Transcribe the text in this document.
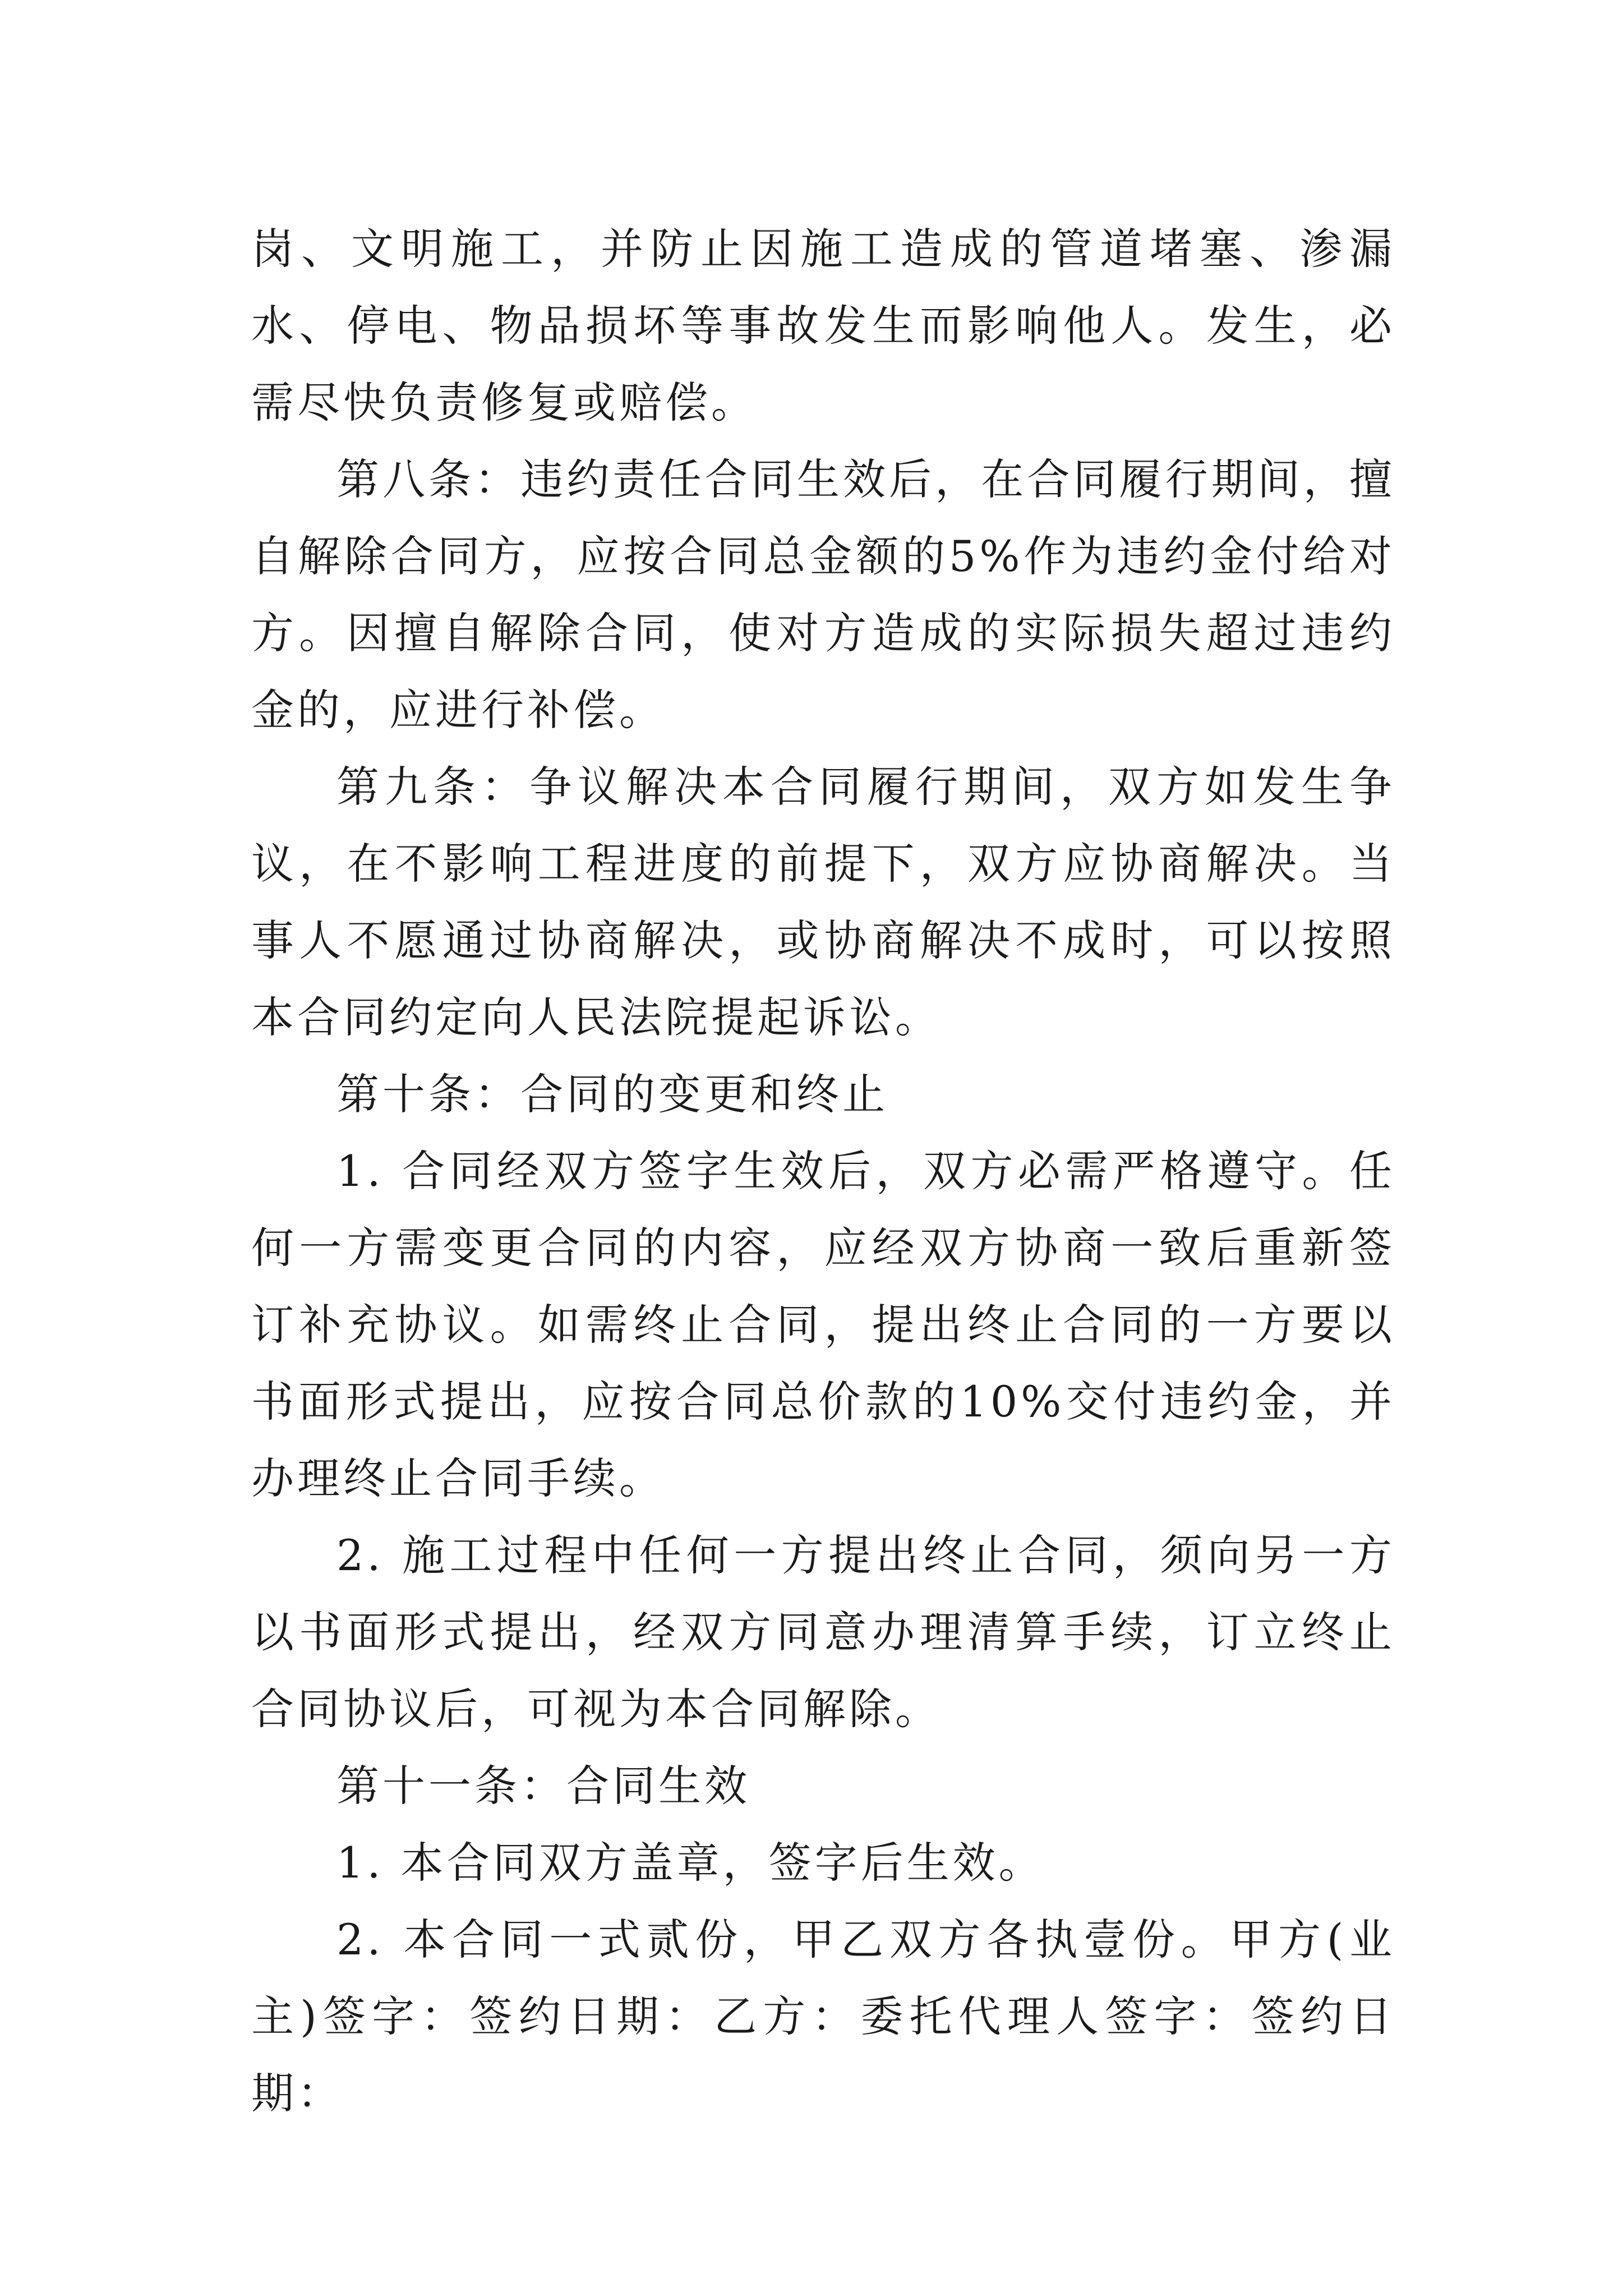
岗、文明施工，并防止因施工造成的管道堵塞、渗漏水、停电、物品损坏等事故发生而影响他人。发生，必需尽快负责修复或赔偿。

第八条：违约责任合同生效后，在合同履行期间，擅自解除合同方，应按合同总金额的5%作为违约金付给对方。因擅自解除合同，使对方造成的实际损失超过违约金的，应进行补偿。

第九条：争议解决本合同履行期间，双方如发生争议，在不影响工程进度的前提下，双方应协商解决。当事人不愿通过协商解决，或协商解决不成时，可以按照本合同约定向人民法院提起诉讼。

第十条：合同的变更和终止

1. 合同经双方签字生效后，双方必需严格遵守。任何一方需变更合同的内容，应经双方协商一致后重新签订补充协议。如需终止合同，提出终止合同的一方要以书面形式提出，应按合同总价款的10%交付违约金，并办理终止合同手续。

2. 施工过程中任何一方提出终止合同，须向另一方以书面形式提出，经双方同意办理清算手续，订立终止合同协议后，可视为本合同解除。

第十一条：合同生效

1. 本合同双方盖章，签字后生效。

2. 本合同一式贰份，甲乙双方各执壹份。甲方(业主)签字：签约日期：乙方：委托代理人签字：签约日期：
